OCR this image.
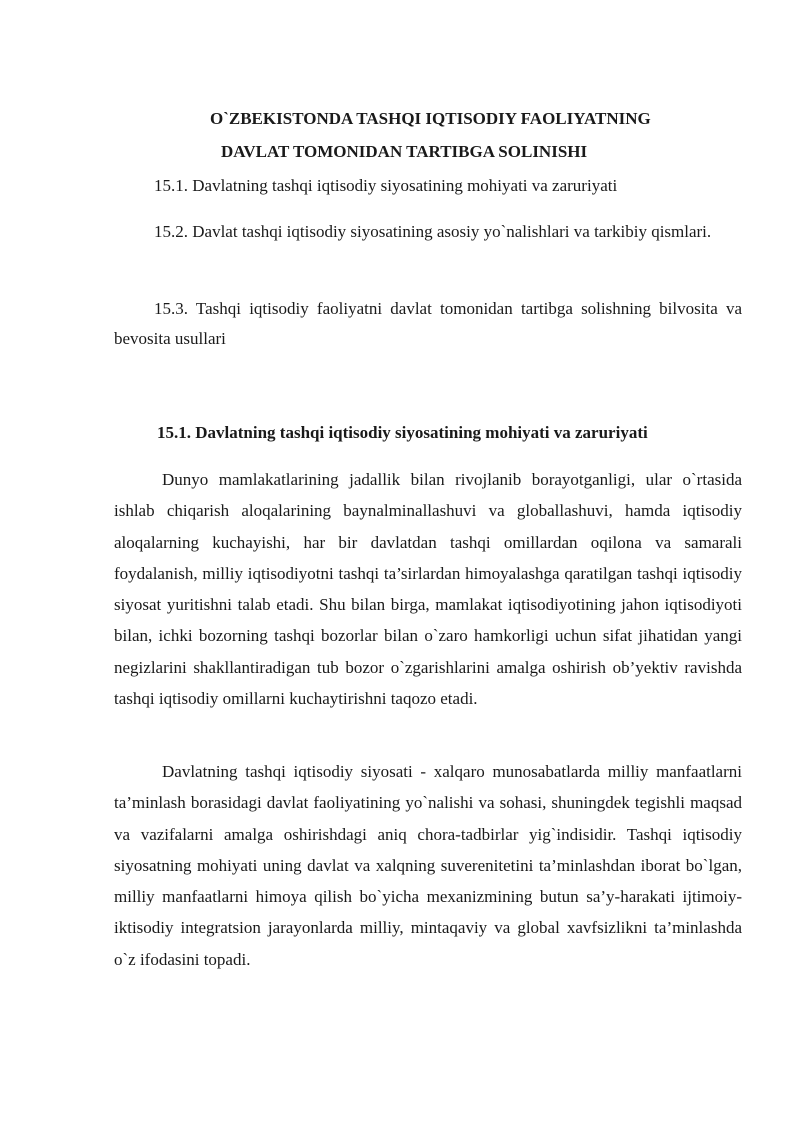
O`ZBEKISTONDA TASHQI IQTISODIY FAOLIYATNING
DAVLAT TOMONIDAN TARTIBGA SOLINISHI

15.1. Davlatning tashqi iqtisodiy siyosatining mohiyati va zaruriyati

15.2. Davlat tashqi iqtisodiy siyosatining asosiy yo`nalishlari va tarkibiy qismlari.

15.3. Tashqi iqtisodiy faoliyatni davlat tomonidan tartibga solishning bilvosita va bevosita usullari

15.1. Davlatning tashqi iqtisodiy siyosatining mohiyati va zaruriyati

Dunyo mamlakatlarining jadallik bilan rivojlanib borayotganligi, ular o`rtasida ishlab chiqarish aloqalarining baynalminallashuvi va globallashuvi, hamda iqtisodiy aloqalarning kuchayishi, har bir davlatdan tashqi omillardan oqilona va samarali foydalanish, milliy iqtisodiyotni tashqi ta’sirlardan himoyalashga qaratilgan tashqi iqtisodiy siyosat yuritishni talab etadi. Shu bilan birga, mamlakat iqtisodiyotining jahon iqtisodiyoti bilan, ichki bozorning tashqi bozorlar bilan o`zaro hamkorligi uchun sifat jihatidan yangi negizlarini shakllantiradigan tub bozor o`zgarishlarini amalga oshirish ob’yektiv ravishda tashqi iqtisodiy omillarni kuchaytirishni taqozo etadi.

Davlatning tashqi iqtisodiy siyosati - xalqaro munosabatlarda milliy manfaatlarni ta’minlash borasidagi davlat faoliyatining yo`nalishi va sohasi, shuningdek tegishli maqsad va vazifalarni amalga oshirishdagi aniq chora-tadbirlar yig`indisidir. Tashqi iqtisodiy siyosatning mohiyati uning davlat va xalqning suverenitetini ta’minlashdan iborat bo`lgan, milliy manfaatlarni himoya qilish bo`yicha mexanizmining butun sa’y-harakati ijtimoiy-iktisodiy integratsion jarayonlarda milliy, mintaqaviy va global xavfsizlikni ta’minlashda o`z ifodasini topadi.
